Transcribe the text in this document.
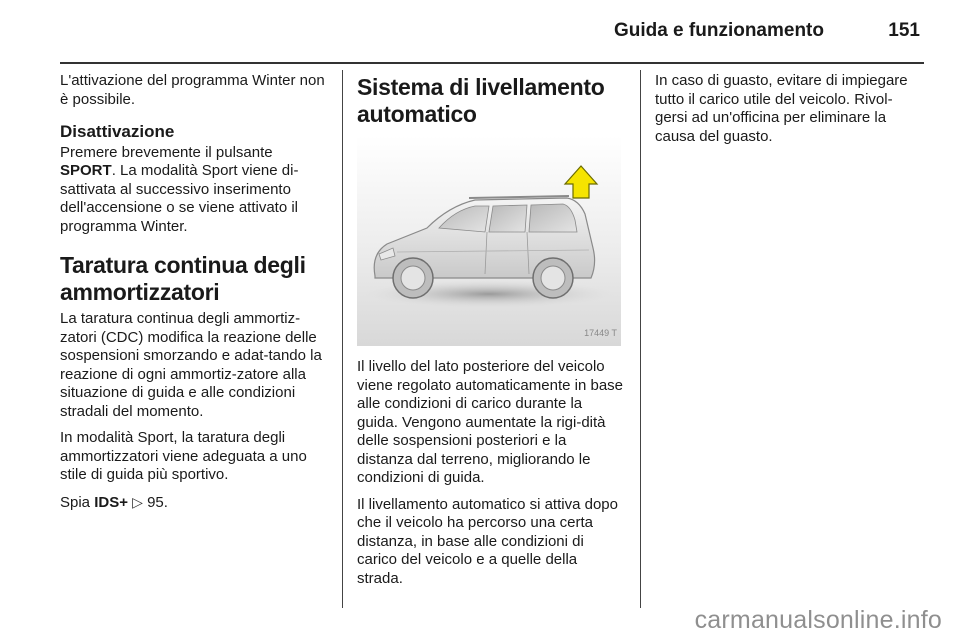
Guida e funzionamento	151

L'attivazione del programma Winter non è possibile.

Disattivazione

Premere brevemente il pulsante SPORT. La modalità Sport viene di-sattivata al successivo inserimento dell'accensione o se viene attivato il programma Winter.

Taratura continua degli ammortizzatori

La taratura continua degli ammortiz-zatori (CDC) modifica la reazione delle sospensioni smorzando e adat-tando la reazione di ogni ammortiz-zatore alla situazione di guida e alle condizioni stradali del momento.

In modalità Sport, la taratura degli ammortizzatori viene adeguata a uno stile di guida più sportivo.

Spia IDS+ ▷ 95.

Sistema di livellamento automatico
17449 T

Il livello del lato posteriore del veicolo viene regolato automaticamente in base alle condizioni di carico durante la guida. Vengono aumentate la rigi-dità delle sospensioni posteriori e la distanza dal terreno, migliorando le condizioni di guida.

Il livellamento automatico si attiva dopo che il veicolo ha percorso una certa distanza, in base alle condizioni di carico del veicolo e a quelle della strada.

In caso di guasto, evitare di impiegare tutto il carico utile del veicolo. Rivol-gersi ad un'officina per eliminare la causa del guasto.

carmanualsonline.info
